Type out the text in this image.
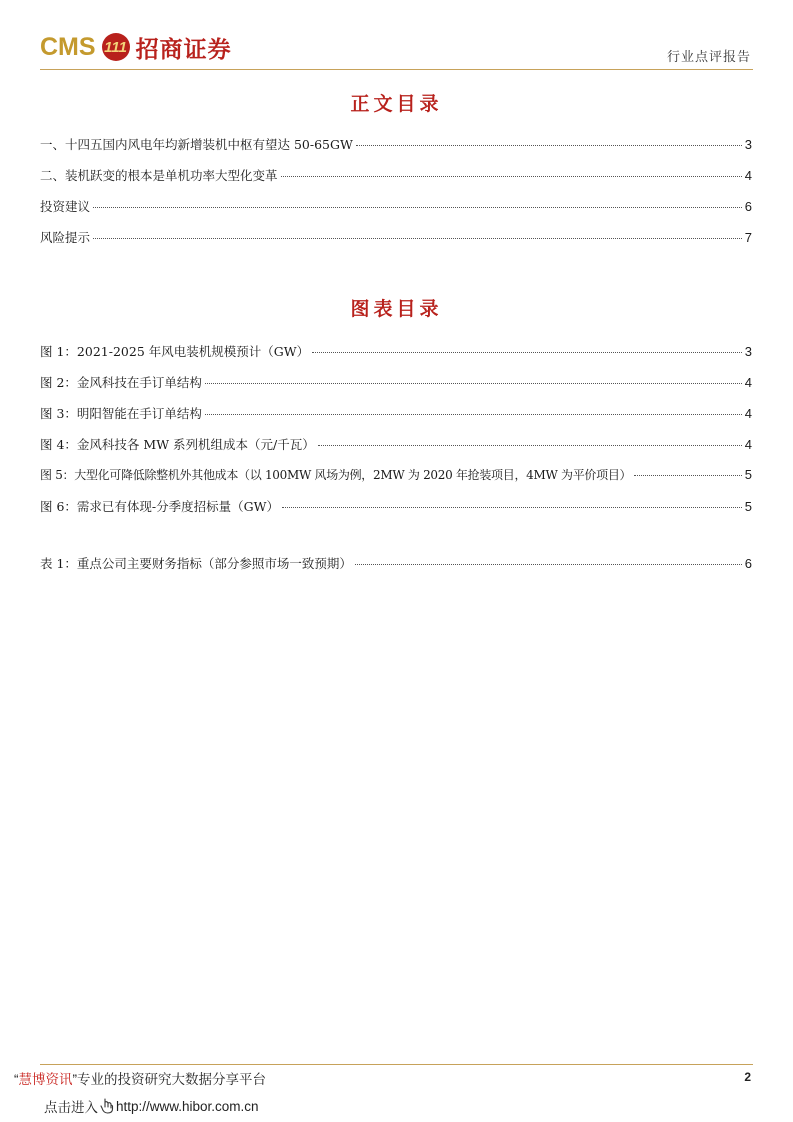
CMS 111 招商证券	行业点评报告
正文目录
一、十四五国内风电年均新增装机中枢有望达 50-65GW	3
二、装机跃变的根本是单机功率大型化变革	4
投资建议	6
风险提示	7
图表目录
图 1：2021-2025 年风电装机规模预计（GW）	3
图 2：金风科技在手订单结构	4
图 3：明阳智能在手订单结构	4
图 4：金风科技各 MW 系列机组成本（元/千瓦）	4
图 5：大型化可降低除整机外其他成本（以 100MW 风场为例，2MW 为 2020 年抢装项目，4MW 为平价项目）	5
图 6：需求已有体现-分季度招标量（GW）	5
表 1：重点公司主要财务指标（部分参照市场一致预期）	6
“慧博资讯”专业的投资研究大数据分享平台
点击进入 http://www.hibor.com.cn
2
